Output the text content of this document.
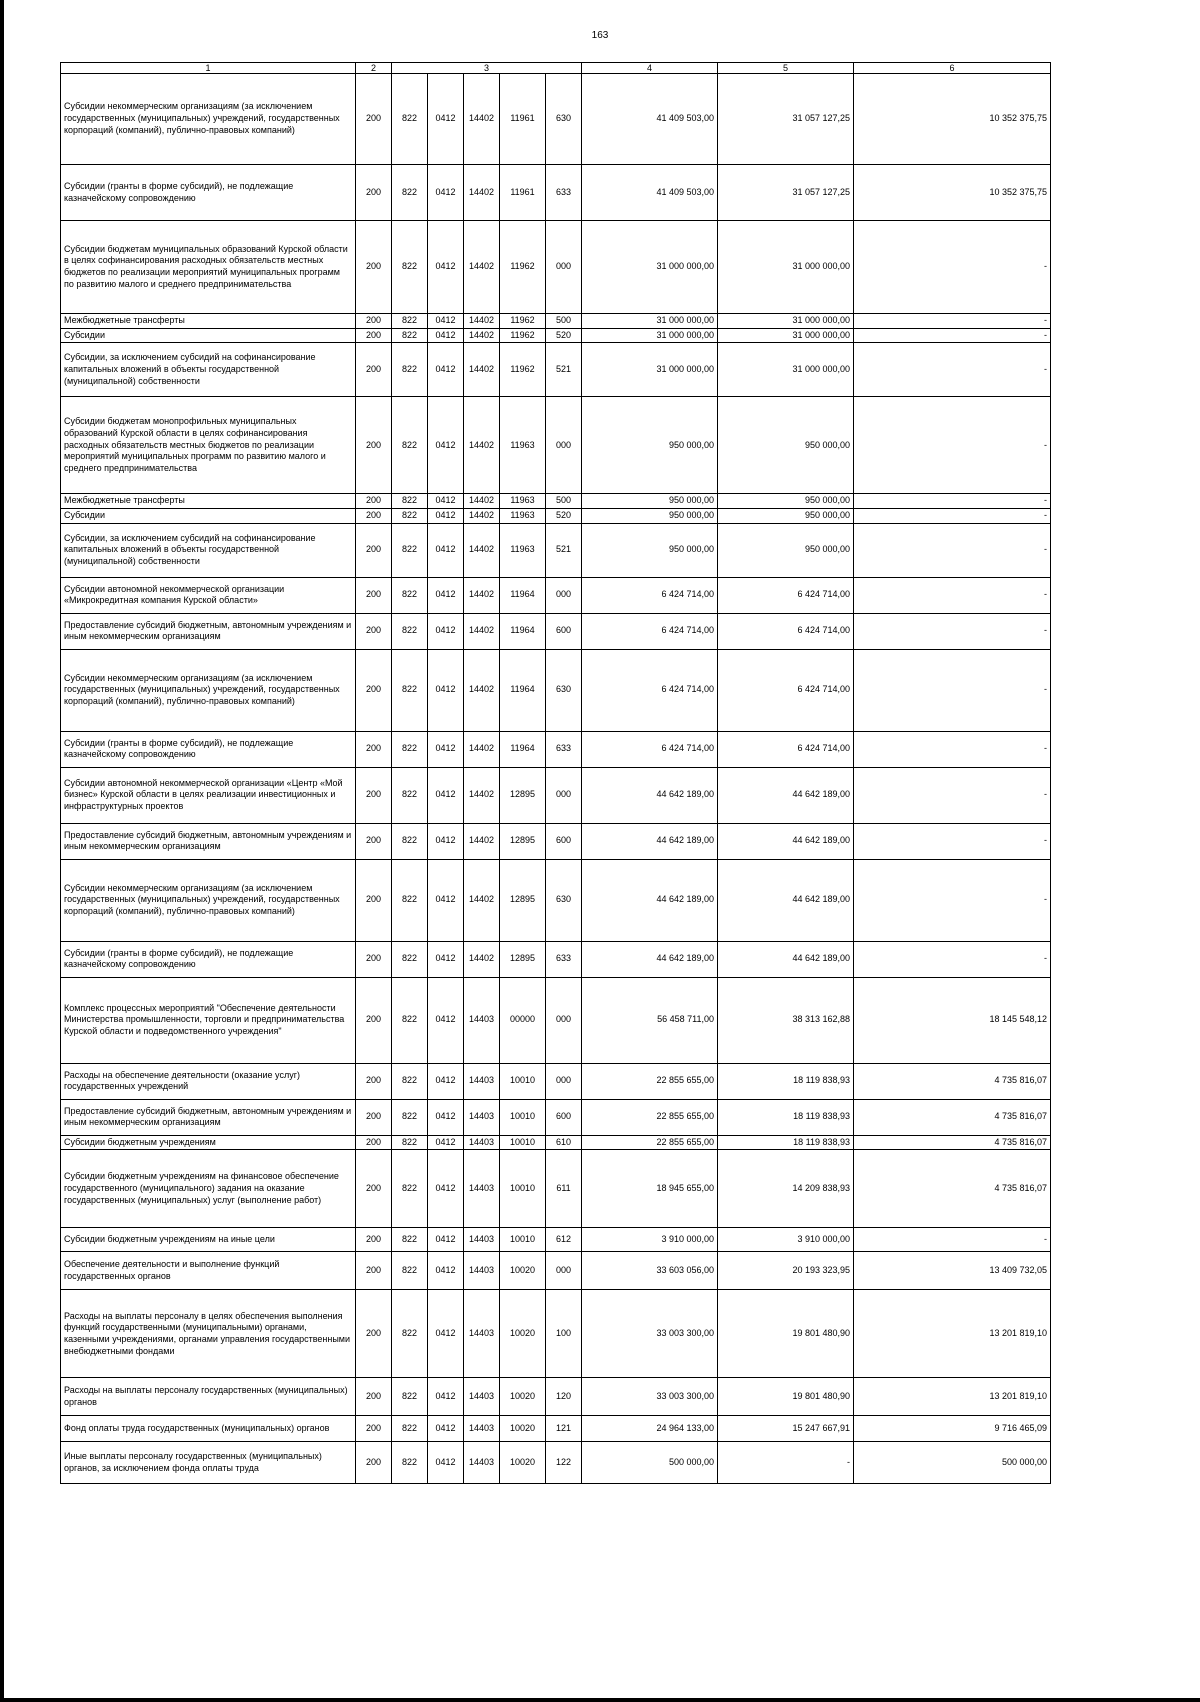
163
1	2	3					4	5	6
Субсидии некоммерческим организациям (за исключением государственных (муниципальных) учреждений, государственных корпораций (компаний), публично-правовых компаний)	200	822	0412	14402	11961	630	41 409 503,00	31 057 127,25	10 352 375,75
Субсидии (гранты в форме субсидий), не подлежащие казначейскому сопровождению	200	822	0412	14402	11961	633	41 409 503,00	31 057 127,25	10 352 375,75
Субсидии бюджетам муниципальных образований Курской области в целях софинансирования расходных обязательств местных бюджетов по реализации мероприятий муниципальных программ по развитию малого и среднего предпринимательства	200	822	0412	14402	11962	000	31 000 000,00	31 000 000,00	-
Межбюджетные трансферты	200	822	0412	14402	11962	500	31 000 000,00	31 000 000,00	-
Субсидии	200	822	0412	14402	11962	520	31 000 000,00	31 000 000,00	-
Субсидии, за исключением субсидий на софинансирование капитальных вложений в объекты государственной (муниципальной) собственности	200	822	0412	14402	11962	521	31 000 000,00	31 000 000,00	-
Субсидии бюджетам монопрофильных муниципальных образований Курской области в целях софинансирования расходных обязательств местных бюджетов по реализации мероприятий муниципальных программ по развитию малого и среднего предпринимательства	200	822	0412	14402	11963	000	950 000,00	950 000,00	-
Межбюджетные трансферты	200	822	0412	14402	11963	500	950 000,00	950 000,00	-
Субсидии	200	822	0412	14402	11963	520	950 000,00	950 000,00	-
Субсидии, за исключением субсидий на софинансирование капитальных вложений в объекты государственной (муниципальной) собственности	200	822	0412	14402	11963	521	950 000,00	950 000,00	-
Субсидии автономной некоммерческой организации «Микрокредитная компания Курской области»	200	822	0412	14402	11964	000	6 424 714,00	6 424 714,00	-
Предоставление субсидий бюджетным, автономным учреждениям и иным некоммерческим организациям	200	822	0412	14402	11964	600	6 424 714,00	6 424 714,00	-
Субсидии некоммерческим организациям (за исключением государственных (муниципальных) учреждений, государственных корпораций (компаний), публично-правовых компаний)	200	822	0412	14402	11964	630	6 424 714,00	6 424 714,00	-
Субсидии (гранты в форме субсидий), не подлежащие казначейскому сопровождению	200	822	0412	14402	11964	633	6 424 714,00	6 424 714,00	-
Субсидии автономной некоммерческой организации «Центр «Мой бизнес» Курской области в целях реализации инвестиционных и инфраструктурных проектов	200	822	0412	14402	12895	000	44 642 189,00	44 642 189,00	-
Предоставление субсидий бюджетным, автономным учреждениям и иным некоммерческим организациям	200	822	0412	14402	12895	600	44 642 189,00	44 642 189,00	-
Субсидии некоммерческим организациям (за исключением государственных (муниципальных) учреждений, государственных корпораций (компаний), публично-правовых компаний)	200	822	0412	14402	12895	630	44 642 189,00	44 642 189,00	-
Субсидии (гранты в форме субсидий), не подлежащие казначейскому сопровождению	200	822	0412	14402	12895	633	44 642 189,00	44 642 189,00	-
Комплекс процессных мероприятий "Обеспечение деятельности Министерства промышленности, торговли и предпринимательства Курской области и подведомственного учреждения"	200	822	0412	14403	00000	000	56 458 711,00	38 313 162,88	18 145 548,12
Расходы на обеспечение деятельности (оказание услуг) государственных учреждений	200	822	0412	14403	10010	000	22 855 655,00	18 119 838,93	4 735 816,07
Предоставление субсидий бюджетным, автономным учреждениям и иным некоммерческим организациям	200	822	0412	14403	10010	600	22 855 655,00	18 119 838,93	4 735 816,07
Субсидии бюджетным учреждениям	200	822	0412	14403	10010	610	22 855 655,00	18 119 838,93	4 735 816,07
Субсидии бюджетным учреждениям на финансовое обеспечение государственного (муниципального) задания на оказание государственных (муниципальных) услуг (выполнение работ)	200	822	0412	14403	10010	611	18 945 655,00	14 209 838,93	4 735 816,07
Субсидии бюджетным учреждениям на иные цели	200	822	0412	14403	10010	612	3 910 000,00	3 910 000,00	-
Обеспечение деятельности и выполнение функций государственных органов	200	822	0412	14403	10020	000	33 603 056,00	20 193 323,95	13 409 732,05
Расходы на выплаты персоналу в целях обеспечения выполнения функций государственными (муниципальными) органами, казенными учреждениями, органами управления государственными внебюджетными фондами	200	822	0412	14403	10020	100	33 003 300,00	19 801 480,90	13 201 819,10
Расходы на выплаты персоналу государственных (муниципальных) органов	200	822	0412	14403	10020	120	33 003 300,00	19 801 480,90	13 201 819,10
Фонд оплаты труда государственных (муниципальных) органов	200	822	0412	14403	10020	121	24 964 133,00	15 247 667,91	9 716 465,09
Иные выплаты персоналу государственных (муниципальных) органов, за исключением фонда оплаты труда	200	822	0412	14403	10020	122	500 000,00	-	500 000,00
